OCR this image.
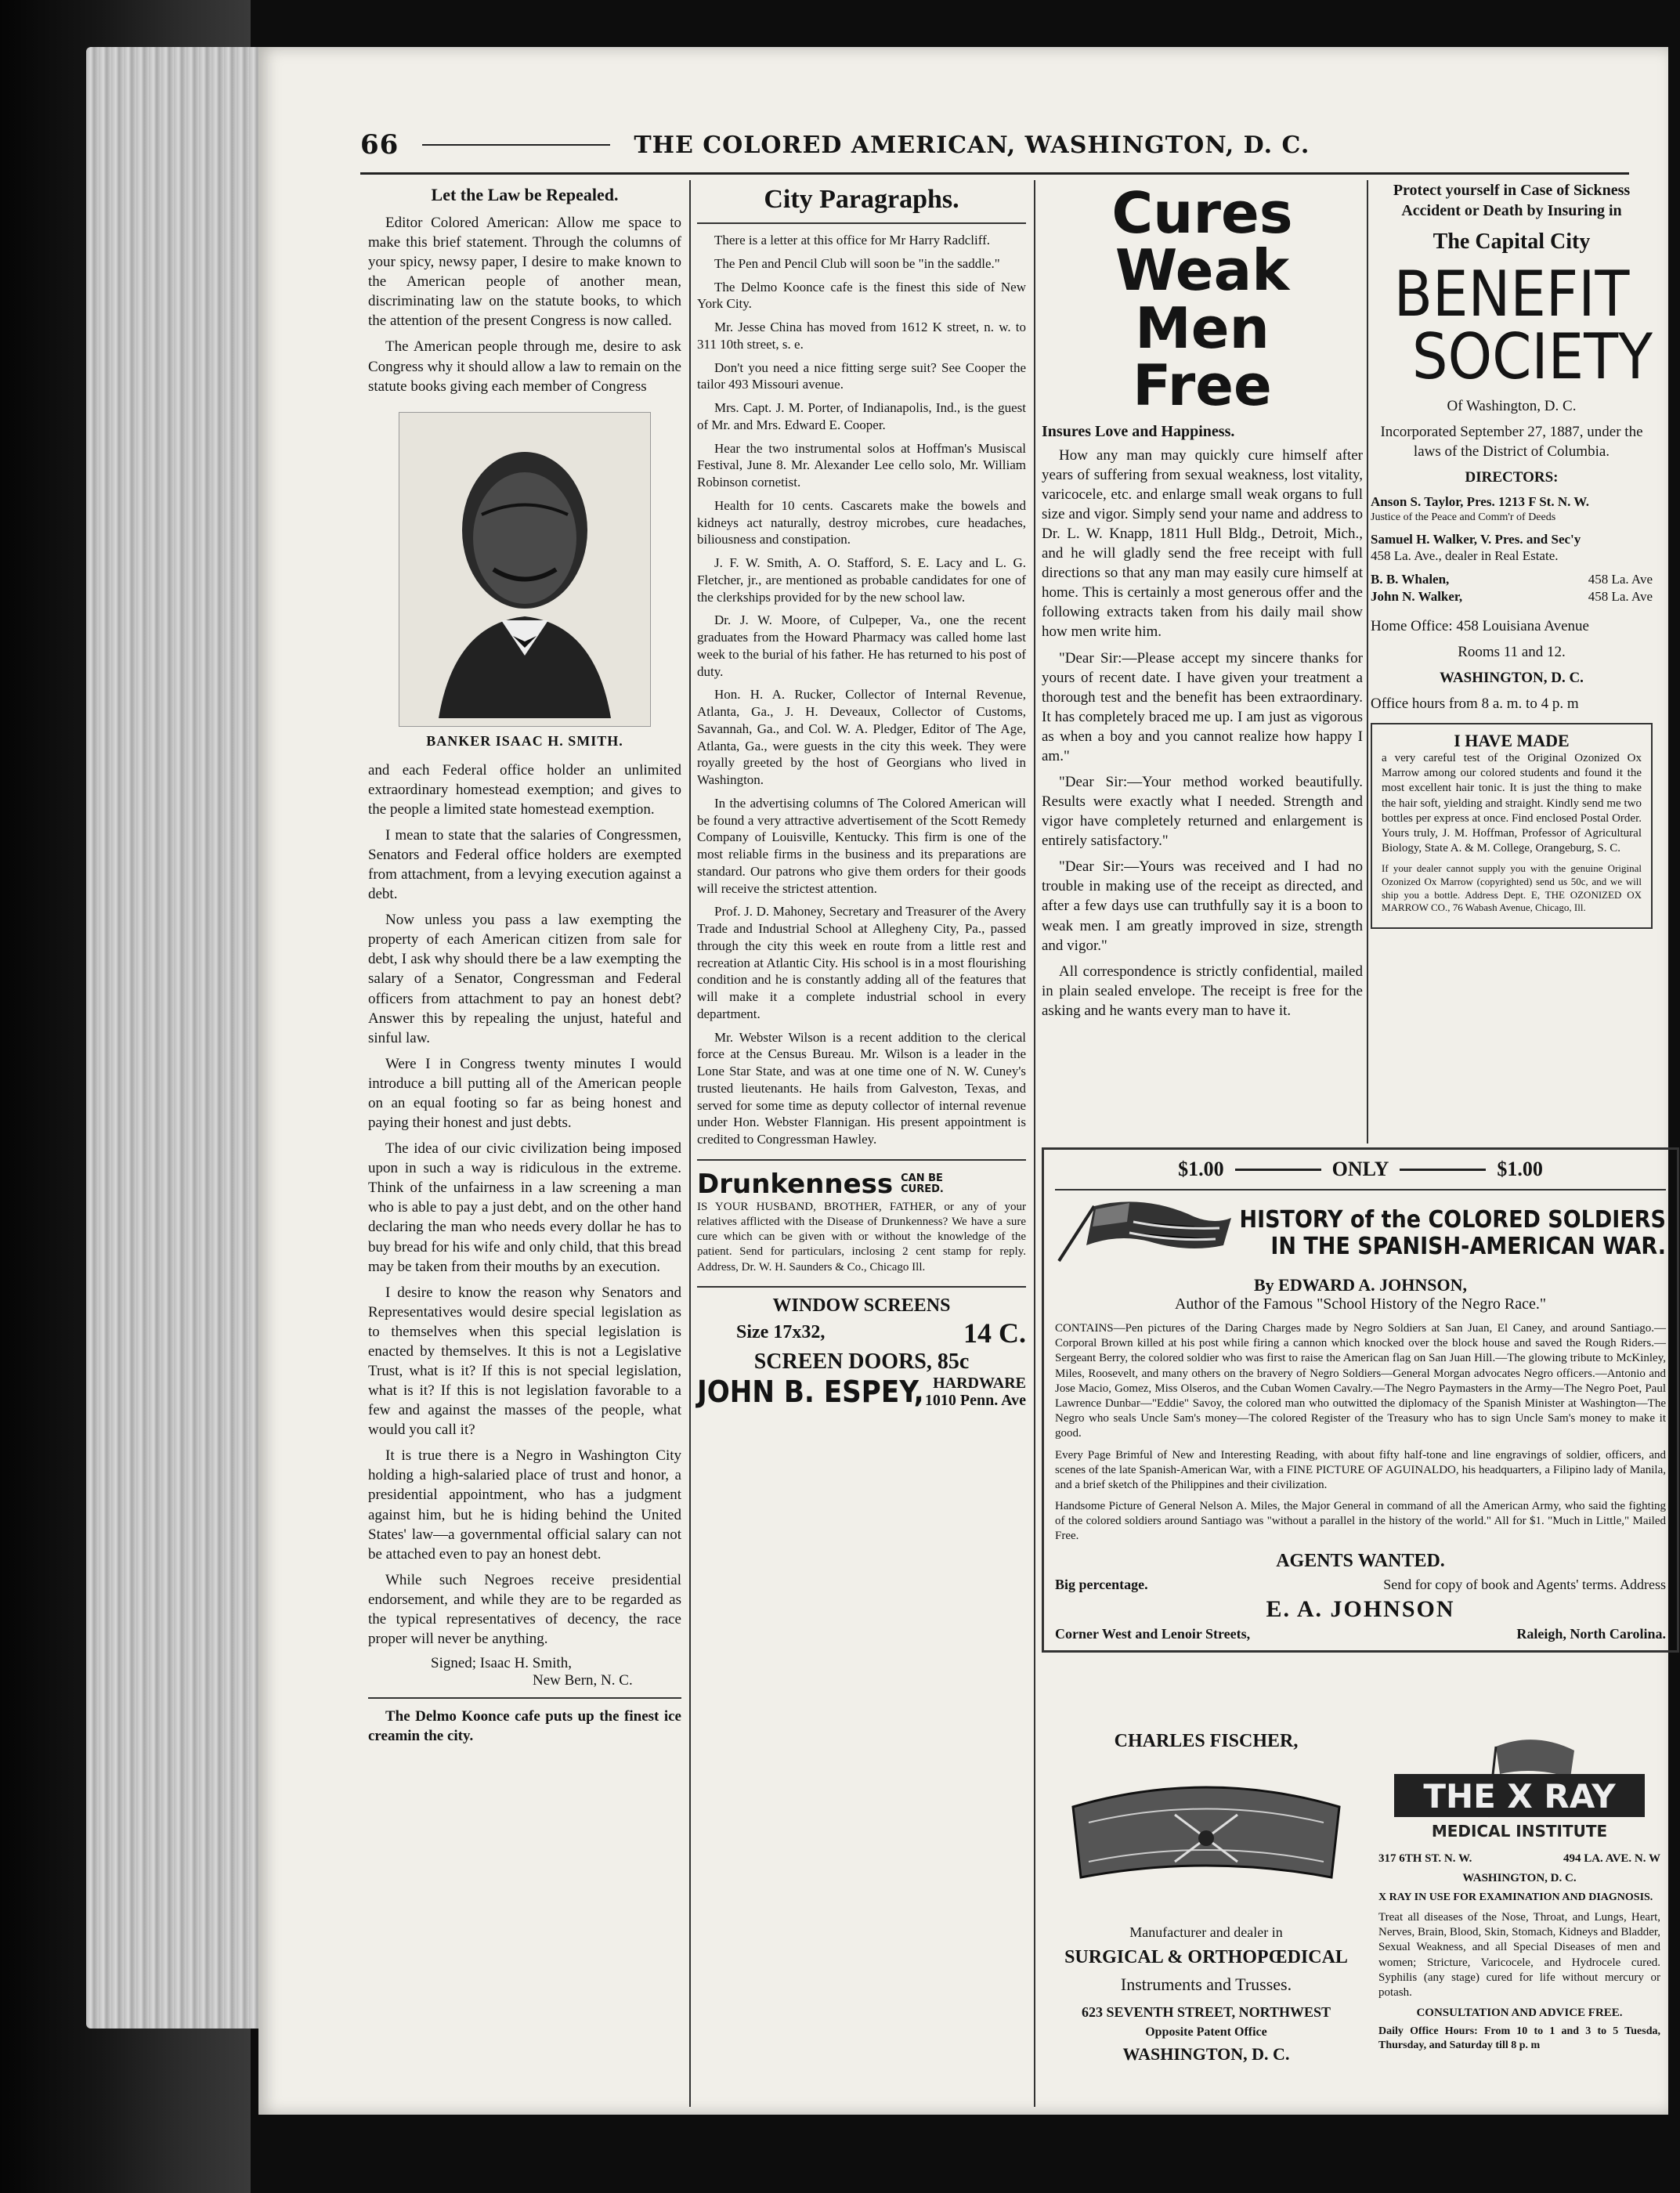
66	THE COLORED AMERICAN, WASHINGTON, D. C.
Let the Law be Repealed.

Editor Colored American: Allow me space to make this brief statement. Through the columns of your spicy, newsy paper, I desire to make known to the American people of another mean, discriminating law on the statute books, to which the attention of the present Congress is now called.

The American people through me, desire to ask Congress why it should allow a law to remain on the statute books giving each member of Congress

BANKER ISAAC H. SMITH.

and each Federal office holder an unlimited extraordinary homestead exemption; and gives to the people a limited state homestead exemption.

I mean to state that the salaries of Congressmen, Senators and Federal office holders are exempted from attachment, from a levying execution against a debt.

Now unless you pass a law exempting the property of each American citizen from sale for debt, I ask why should there be a law exempting the salary of a Senator, Congressman and Federal officers from attachment to pay an honest debt? Answer this by repealing the unjust, hateful and sinful law.

Were I in Congress twenty minutes I would introduce a bill putting all of the American people on an equal footing so far as being honest and paying their honest and just debts.

The idea of our civic civilization being imposed upon in such a way is ridiculous in the extreme. Think of the unfairness in a law screening a man who is able to pay a just debt, and on the other hand declaring the man who needs every dollar he has to buy bread for his wife and only child, that this bread may be taken from their mouths by an execution.

I desire to know the reason why Senators and Representatives would desire special legislation as to themselves when this special legislation is enacted by themselves. It this is not a Legislative Trust, what is it? If this is not special legislation, what is it? If this is not legislation favorable to a few and against the masses of the people, what would you call it?

It is true there is a Negro in Washington City holding a high-salaried place of trust and honor, a presidential appointment, who has a judgment against him, but he is hiding behind the United States' law—a governmental official salary can not be attached even to pay an honest debt.

While such Negroes receive presidential endorsement, and while they are to be regarded as the typical representatives of decency, the race proper will never be anything.

Signed; Isaac H. Smith,
New Bern, N. C.

The Delmo Koonce cafe puts up the finest ice creamin the city.

City Paragraphs.

There is a letter at this office for Mr Harry Radcliff.

The Pen and Pencil Club will soon be "in the saddle."

The Delmo Koonce cafe is the finest this side of New York City.

Mr. Jesse China has moved from 1612 K street, n. w. to 311 10th street, s. e.

Don't you need a nice fitting serge suit? See Cooper the tailor 493 Missouri avenue.

Mrs. Capt. J. M. Porter, of Indianapolis, Ind., is the guest of Mr. and Mrs. Edward E. Cooper.

Hear the two instrumental solos at Hoffman's Musiscal Festival, June 8. Mr. Alexander Lee cello solo, Mr. William Robinson cornetist.

Health for 10 cents. Cascarets make the bowels and kidneys act naturally, destroy microbes, cure headaches, biliousness and constipation.

J. F. W. Smith, A. O. Stafford, S. E. Lacy and L. G. Fletcher, jr., are mentioned as probable candidates for one of the clerkships provided for by the new school law.

Dr. J. W. Moore, of Culpeper, Va., one the recent graduates from the Howard Pharmacy was called home last week to the burial of his father. He has returned to his post of duty.

Hon. H. A. Rucker, Collector of Internal Revenue, Atlanta, Ga., J. H. Deveaux, Collector of Customs, Savannah, Ga., and Col. W. A. Pledger, Editor of The Age, Atlanta, Ga., were guests in the city this week. They were royally greeted by the host of Georgians who lived in Washington.

In the advertising columns of The Colored American will be found a very attractive advertisement of the Scott Remedy Company of Louisville, Kentucky. This firm is one of the most reliable firms in the business and its preparations are standard. Our patrons who give them orders for their goods will receive the strictest attention.

Prof. J. D. Mahoney, Secretary and Treasurer of the Avery Trade and Industrial School at Allegheny City, Pa., passed through the city this week en route from a little rest and recreation at Atlantic City. His school is in a most flourishing condition and he is constantly adding all of the features that will make it a complete industrial school in every department.

Mr. Webster Wilson is a recent addition to the clerical force at the Census Bureau. Mr. Wilson is a leader in the Lone Star State, and was at one time one of N. W. Cuney's trusted lieutenants. He hails from Galveston, Texas, and served for some time as deputy collector of internal revenue under Hon. Webster Flannigan. His present appointment is credited to Congressman Hawley.

Drunkenness CAN BE
CURED.

IS YOUR HUSBAND, BROTHER, FATHER, or any of your relatives afflicted with the Disease of Drunkenness? We have a sure cure which can be given with or without the knowledge of the patient. Send for particulars, inclosing 2 cent stamp for reply. Address, Dr. W. H. Saunders & Co., Chicago Ill.

WINDOW SCREENS
Size 17x32,	14 C.
SCREEN DOORS, 85c
JOHN B. ESPEY, HARDWARE
1010 Penn. Ave
Cures
Weak Men
Free
Insures Love and Happiness.

How any man may quickly cure himself after years of suffering from sexual weakness, lost vitality, varicocele, etc. and enlarge small weak organs to full size and vigor. Simply send your name and address to Dr. L. W. Knapp, 1811 Hull Bldg., Detroit, Mich., and he will gladly send the free receipt with full directions so that any man may easily cure himself at home. This is certainly a most generous offer and the following extracts taken from his daily mail show how men write him.

"Dear Sir:—Please accept my sincere thanks for yours of recent date. I have given your treatment a thorough test and the benefit has been extraordinary. It has completely braced me up. I am just as vigorous as when a boy and you cannot realize how happy I am."

"Dear Sir:—Your method worked beautifully. Results were exactly what I needed. Strength and vigor have completely returned and enlargement is entirely satisfactory."

"Dear Sir:—Yours was received and I had no trouble in making use of the receipt as directed, and after a few days use can truthfully say it is a boon to weak men. I am greatly improved in size, strength and vigor."

All correspondence is strictly confidential, mailed in plain sealed envelope. The receipt is free for the asking and he wants every man to have it.

Protect yourself in Case of Sickness

Accident or Death by Insuring in

The Capital City

BENEFIT
SOCIETY

Of Washington, D. C.

Incorporated September 27, 1887, under the laws of the District of Columbia.

DIRECTORS:

Anson S. Taylor, Pres. 1213 F St. N. W.

Justice of the Peace and Comm'r of Deeds

Samuel H. Walker, V. Pres. and Sec'y

458 La. Ave., dealer in Real Estate.

B. B. Whalen,	458 La. Ave
John N. Walker,	458 La. Ave

Home Office: 458 Louisiana Avenue

Rooms 11 and 12.

WASHINGTON, D. C.

Office hours from 8 a. m. to 4 p. m

I HAVE MADE

a very careful test of the Original Ozonized Ox Marrow among our colored students and found it the most excellent hair tonic. It is just the thing to make the hair soft, yielding and straight. Kindly send me two bottles per express at once. Find enclosed Postal Order. Yours truly, J. M. Hoffman, Professor of Agricultural Biology, State A. & M. College, Orangeburg, S. C.

If your dealer cannot supply you with the genuine Original Ozonized Ox Marrow (copyrighted) send us 50c, and we will ship you a bottle. Address Dept. E, THE OZONIZED OX MARROW CO., 76 Wabash Avenue, Chicago, Ill.

$1.00	ONLY	$1.00
HISTORY of the COLORED SOLDIERS
IN THE SPANISH-AMERICAN WAR.
By EDWARD A. JOHNSON,
Author of the Famous "School History of the Negro Race."

CONTAINS—Pen pictures of the Daring Charges made by Negro Soldiers at San Juan, El Caney, and around Santiago.—Corporal Brown killed at his post while firing a cannon which knocked over the block house and saved the Rough Riders.—Sergeant Berry, the colored soldier who was first to raise the American flag on San Juan Hill.—The glowing tribute to McKinley, Miles, Roosevelt, and many others on the bravery of Negro Soldiers—General Morgan advocates Negro officers.—Antonio and Jose Macio, Gomez, Miss Olseros, and the Cuban Women Cavalry.—The Negro Paymasters in the Army—The Negro Poet, Paul Lawrence Dunbar—"Eddie" Savoy, the colored man who outwitted the diplomacy of the Spanish Minister at Washington—The Negro who seals Uncle Sam's money—The colored Register of the Treasury who has to sign Uncle Sam's money to make it good.

Every Page Brimful of New and Interesting Reading, with about fifty half-tone and line engravings of soldier, officers, and scenes of the late Spanish-American War, with a FINE PICTURE OF AGUINALDO, his headquarters, a Filipino lady of Manila, and a brief sketch of the Philippines and their civilization.

Handsome Picture of General Nelson A. Miles, the Major General in command of all the American Army, who said the fighting of the colored soldiers around Santiago was "without a parallel in the history of the world." All for $1. "Much in Little," Mailed Free.

AGENTS WANTED.
Big percentage.	Send for copy of book and Agents' terms. Address
E. A. JOHNSON
Corner West and Lenoir Streets,	Raleigh, North Carolina.
CHARLES FISCHER,
Manufacturer and dealer in
SURGICAL & ORTHOPŒDICAL
Instruments and Trusses.
623 SEVENTH STREET, NORTHWEST
Opposite Patent Office
WASHINGTON, D. C.
THE X RAY
MEDICAL INSTITUTE
317 6TH ST. N. W.	494 LA. AVE. N. W
WASHINGTON, D. C.
X RAY IN USE FOR EXAMINATION AND DIAGNOSIS.

Treat all diseases of the Nose, Throat, and Lungs, Heart, Nerves, Brain, Blood, Skin, Stomach, Kidneys and Bladder, Sexual Weakness, and all Special Diseases of men and women; Stricture, Varicocele, and Hydrocele cured. Syphilis (any stage) cured for life without mercury or potash.

CONSULTATION AND ADVICE FREE.

Daily Office Hours: From 10 to 1 and 3 to 5 Tuesda, Thursday, and Saturday till 8 p. m
